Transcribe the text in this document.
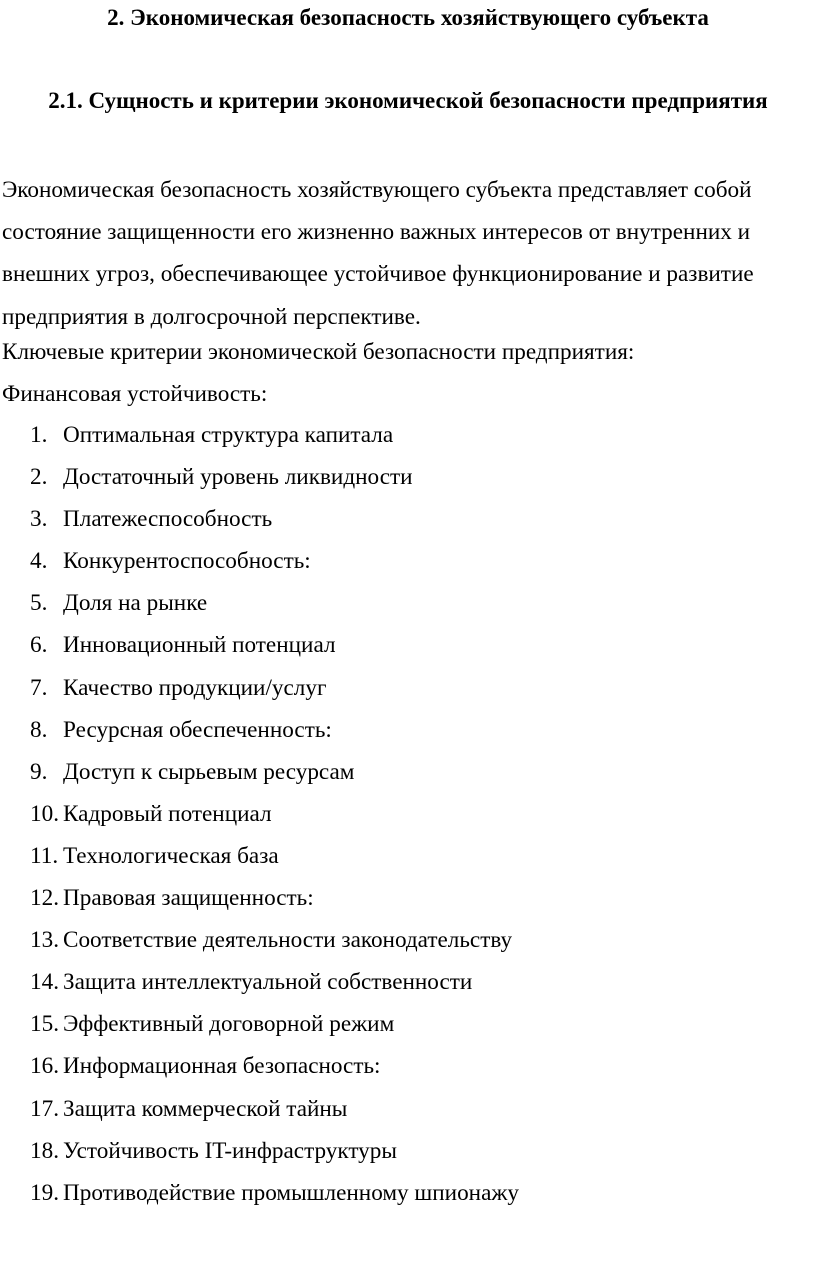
2. Экономическая безопасность хозяйствующего субъекта
2.1. Сущность и критерии экономической безопасности предприятия
Экономическая безопасность хозяйствующего субъекта представляет собой
состояние защищенности его жизненно важных интересов от внутренних и
внешних угроз, обеспечивающее устойчивое функционирование и развитие
предприятия в долгосрочной перспективе.
Ключевые критерии экономической безопасности предприятия:
Финансовая устойчивость:
1. Оптимальная структура капитала
2. Достаточный уровень ликвидности
3. Платежеспособность
4. Конкурентоспособность:
5. Доля на рынке
6. Инновационный потенциал
7. Качество продукции/услуг
8. Ресурсная обеспеченность:
9. Доступ к сырьевым ресурсам
10. Кадровый потенциал
11. Технологическая база
12. Правовая защищенность:
13. Соответствие деятельности законодательству
14. Защита интеллектуальной собственности
15. Эффективный договорной режим
16. Информационная безопасность:
17. Защита коммерческой тайны
18. Устойчивость IT-инфраструктуры
19. Противодействие промышленному шпионажу
